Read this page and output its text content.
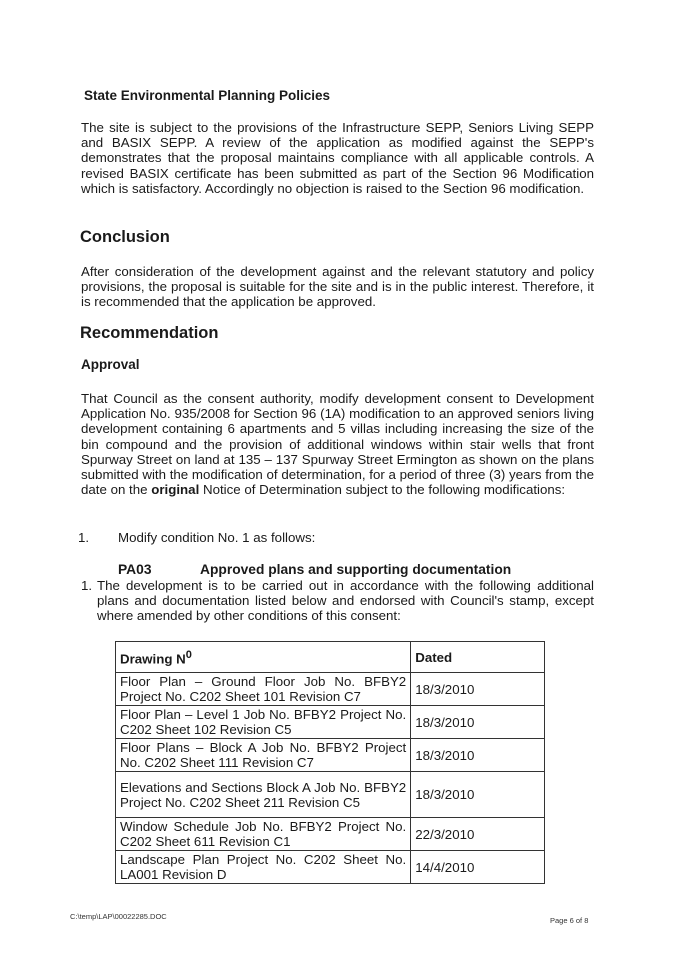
State Environmental Planning Policies
The site is subject to the provisions of the Infrastructure SEPP, Seniors Living SEPP and BASIX SEPP. A review of the application as modified against the SEPP's demonstrates that the proposal maintains compliance with all applicable controls. A revised BASIX certificate has been submitted as part of the Section 96 Modification which is satisfactory. Accordingly no objection is raised to the Section 96 modification.
Conclusion
After consideration of the development against and the relevant statutory and policy provisions, the proposal is suitable for the site and is in the public interest. Therefore, it is recommended that the application be approved.
Recommendation
Approval
That Council as the consent authority, modify development consent to Development Application No. 935/2008 for Section 96 (1A) modification to an approved seniors living development containing 6 apartments and 5 villas including increasing the size of the bin compound and the provision of additional windows within stair wells that front Spurway Street on land at 135 – 137 Spurway Street Ermington as shown on the plans submitted with the modification of determination, for a period of three (3) years from the date on the original Notice of Determination subject to the following modifications:
1. Modify condition No. 1 as follows:
PA03	Approved plans and supporting documentation
1. The development is to be carried out in accordance with the following additional plans and documentation listed below and endorsed with Council's stamp, except where amended by other conditions of this consent:
Drawing $N^0$	Dated
Floor Plan – Ground Floor Job No. BFBY2 Project No. C202 Sheet 101 Revision C7	18/3/2010
Floor Plan – Level 1 Job No. BFBY2 Project No. C202 Sheet 102 Revision C5	18/3/2010
Floor Plans – Block A Job No. BFBY2 Project No. C202 Sheet 111 Revision C7	18/3/2010
Elevations and Sections Block A Job No. BFBY2 Project No. C202 Sheet 211 Revision C5	18/3/2010
Window Schedule Job No. BFBY2 Project No. C202 Sheet 611 Revision C1	22/3/2010
Landscape Plan Project No. C202 Sheet No. LA001 Revision D	14/4/2010
C:\temp\LAP\00022285.DOC	Page 6 of 8
